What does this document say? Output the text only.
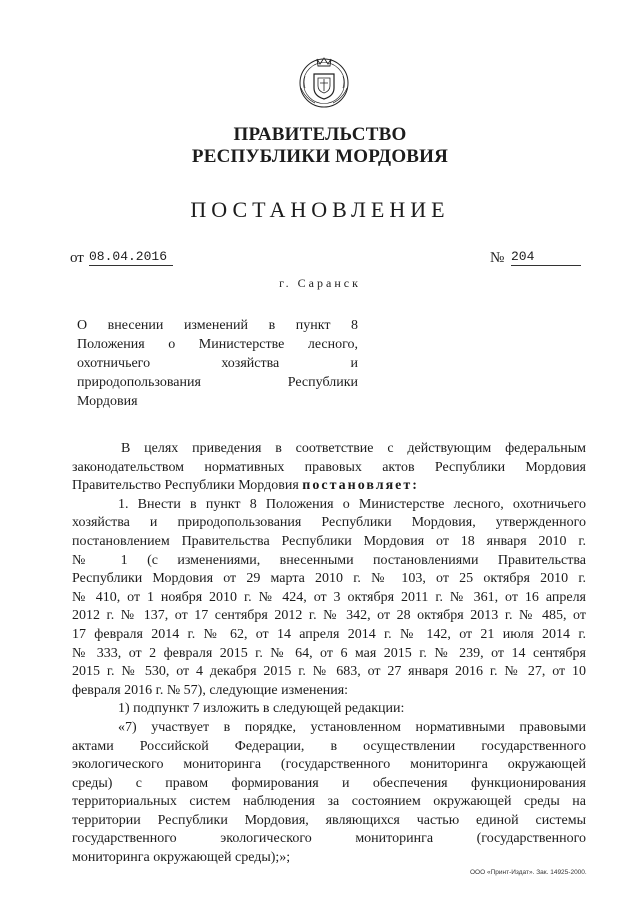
ПРАВИТЕЛЬСТВО
РЕСПУБЛИКИ МОРДОВИЯ
ПОСТАНОВЛЕНИЕ
от 08.04.2016	№ 204
г. Саранск
О внесении изменений в пункт 8
Положения о Министерстве лесного,
охотничьего хозяйства и
природопользования Республики
Мордовия
В целях приведения в соответствие с действующим федеральным
законодательством нормативных правовых актов Республики Мордовия
Правительство Республики Мордовия постановляет:
1. Внести в пункт 8 Положения о Министерстве лесного, охотничьего
хозяйства и природопользования Республики Мордовия, утвержденного
постановлением Правительства Республики Мордовия от 18 января 2010 г.
№ 1 (с изменениями, внесенными постановлениями Правительства
Республики Мордовия от 29 марта 2010 г. № 103, от 25 октября 2010 г.
№ 410, от 1 ноября 2010 г. № 424, от 3 октября 2011 г. № 361, от 16 апреля
2012 г. № 137, от 17 сентября 2012 г. № 342, от 28 октября 2013 г. № 485, от
17 февраля 2014 г. № 62, от 14 апреля 2014 г. № 142, от 21 июля 2014 г.
№ 333, от 2 февраля 2015 г. № 64, от 6 мая 2015 г. № 239, от 14 сентября
2015 г. № 530, от 4 декабря 2015 г. № 683, от 27 января 2016 г. № 27, от 10
февраля 2016 г. № 57), следующие изменения:
1) подпункт 7 изложить в следующей редакции:
«7) участвует в порядке, установленном нормативными правовыми
актами Российской Федерации, в осуществлении государственного
экологического мониторинга (государственного мониторинга окружающей
среды) с правом формирования и обеспечения функционирования
территориальных систем наблюдения за состоянием окружающей среды на
территории Республики Мордовия, являющихся частью единой системы
государственного экологического мониторинга (государственного
мониторинга окружающей среды);»;
ООО «Принт-Издат». Зак. 14925-2000.
